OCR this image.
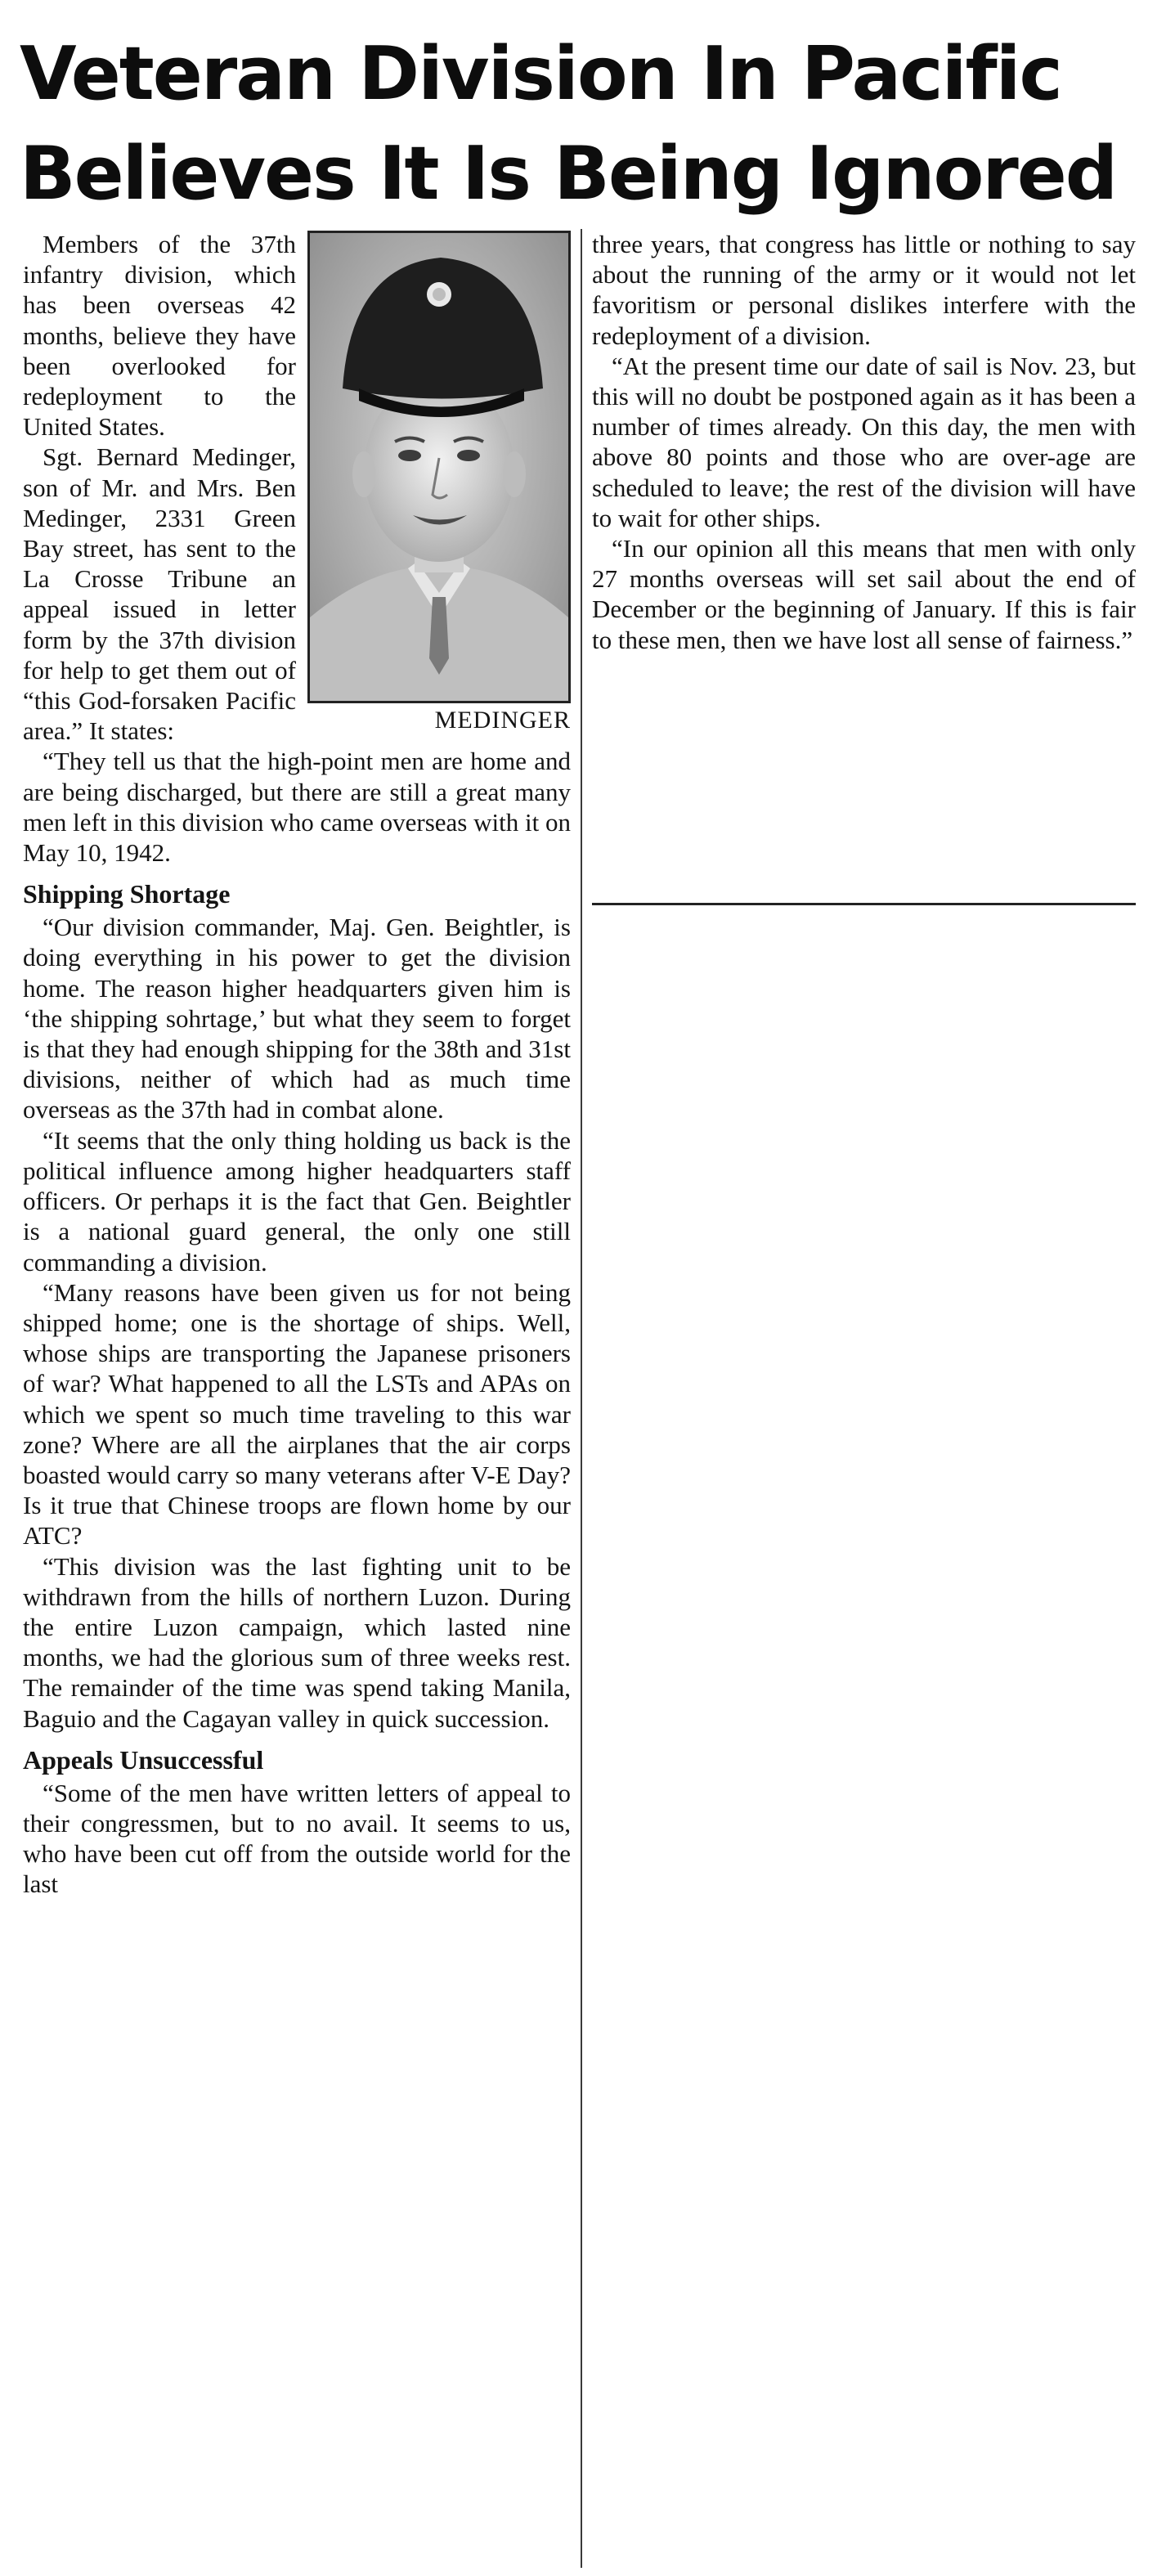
Veteran Division In Pacific
Believes It Is Being Ignored
MEDINGER

Members of the 37th infantry division, which has been overseas 42 months, believe they have been overlooked for redeployment to the United States.

Sgt. Bernard Medinger, son of Mr. and Mrs. Ben Medinger, 2331 Green Bay street, has sent to the La Crosse Tribune an appeal issued in letter form by the 37th division for help to get them out of “this God-forsaken Pacific area.” It states:

“They tell us that the high-point men are home and are being discharged, but there are still a great many men left in this division who came overseas with it on May 10, 1942.

Shipping Shortage

“Our division commander, Maj. Gen. Beightler, is doing everything in his power to get the division home. The reason higher headquarters given him is ‘the shipping sohrtage,’ but what they seem to forget is that they had enough shipping for the 38th and 31st divisions, neither of which had as much time overseas as the 37th had in combat alone.

“It seems that the only thing holding us back is the political influence among higher headquarters staff officers. Or perhaps it is the fact that Gen. Beightler is a national guard general, the only one still commanding a division.

“Many reasons have been given us for not being shipped home; one is the shortage of ships. Well, whose ships are transporting the Japanese prisoners of war? What happened to all the LSTs and APAs on which we spent so much time traveling to this war zone? Where are all the airplanes that the air corps boasted would carry so many veterans after V-E Day? Is it true that Chinese troops are flown home by our ATC?

“This division was the last fighting unit to be withdrawn from the hills of northern Luzon. During the entire Luzon campaign, which lasted nine months, we had the glorious sum of three weeks rest. The remainder of the time was spend taking Manila, Baguio and the Cagayan valley in quick succession.

Appeals Unsuccessful

“Some of the men have written letters of appeal to their congressmen, but to no avail. It seems to us, who have been cut off from the outside world for the last

three years, that congress has little or nothing to say about the running of the army or it would not let favoritism or personal dislikes interfere with the redeployment of a division.

“At the present time our date of sail is Nov. 23, but this will no doubt be postponed again as it has been a number of times already. On this day, the men with above 80 points and those who are over-age are scheduled to leave; the rest of the division will have to wait for other ships.

“In our opinion all this means that men with only 27 months overseas will set sail about the end of December or the beginning of January. If this is fair to these men, then we have lost all sense of fairness.”
